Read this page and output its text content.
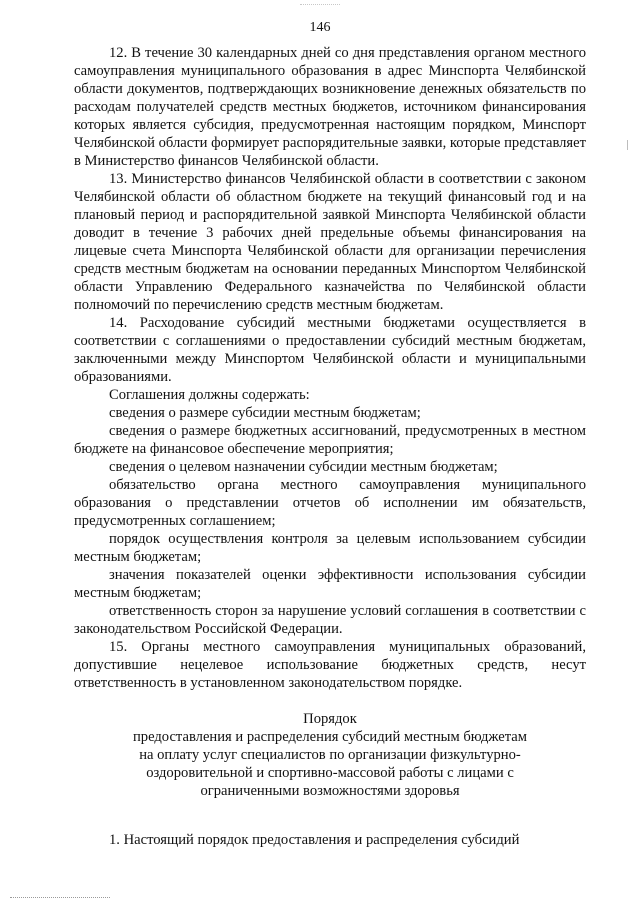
146

12. В течение 30 календарных дней со дня представления органом местного самоуправления муниципального образования в адрес Минспорта Челябинской области документов, подтверждающих возникновение денежных обязательств по расходам получателей средств местных бюджетов, источником финансирования которых является субсидия, предусмотренная настоящим порядком, Минспорт Челябинской области формирует распорядительные заявки, которые представляет в Министерство финансов Челябинской области.

13. Министерство финансов Челябинской области в соответствии с законом Челябинской области об областном бюджете на текущий финансовый год и на плановый период и распорядительной заявкой Минспорта Челябинской области доводит в течение 3 рабочих дней предельные объемы финансирования на лицевые счета Минспорта Челябинской области для организации перечисления средств местным бюджетам на основании переданных Минспортом Челябинской области Управлению Федерального казначейства по Челябинской области полномочий по перечислению средств местным бюджетам.

14. Расходование субсидий местными бюджетами осуществляется в соответствии с соглашениями о предоставлении субсидий местным бюджетам, заключенными между Минспортом Челябинской области и муниципальными образованиями.

Соглашения должны содержать:

сведения о размере субсидии местным бюджетам;

сведения о размере бюджетных ассигнований, предусмотренных в местном бюджете на финансовое обеспечение мероприятия;

сведения о целевом назначении субсидии местным бюджетам;

обязательство органа местного самоуправления муниципального образования о представлении отчетов об исполнении им обязательств, предусмотренных соглашением;

порядок осуществления контроля за целевым использованием субсидии местным бюджетам;

значения показателей оценки эффективности использования субсидии местным бюджетам;

ответственность сторон за нарушение условий соглашения в соответствии с законодательством Российской Федерации.

15. Органы местного самоуправления муниципальных образований, допустившие нецелевое использование бюджетных средств, несут ответственность в установленном законодательством порядке.

Порядок
предоставления и распределения субсидий местным бюджетам на оплату услуг специалистов по организации физкультурно-оздоровительной и спортивно-массовой работы с лицами с ограниченными возможностями здоровья

1. Настоящий порядок предоставления и распределения субсидий
